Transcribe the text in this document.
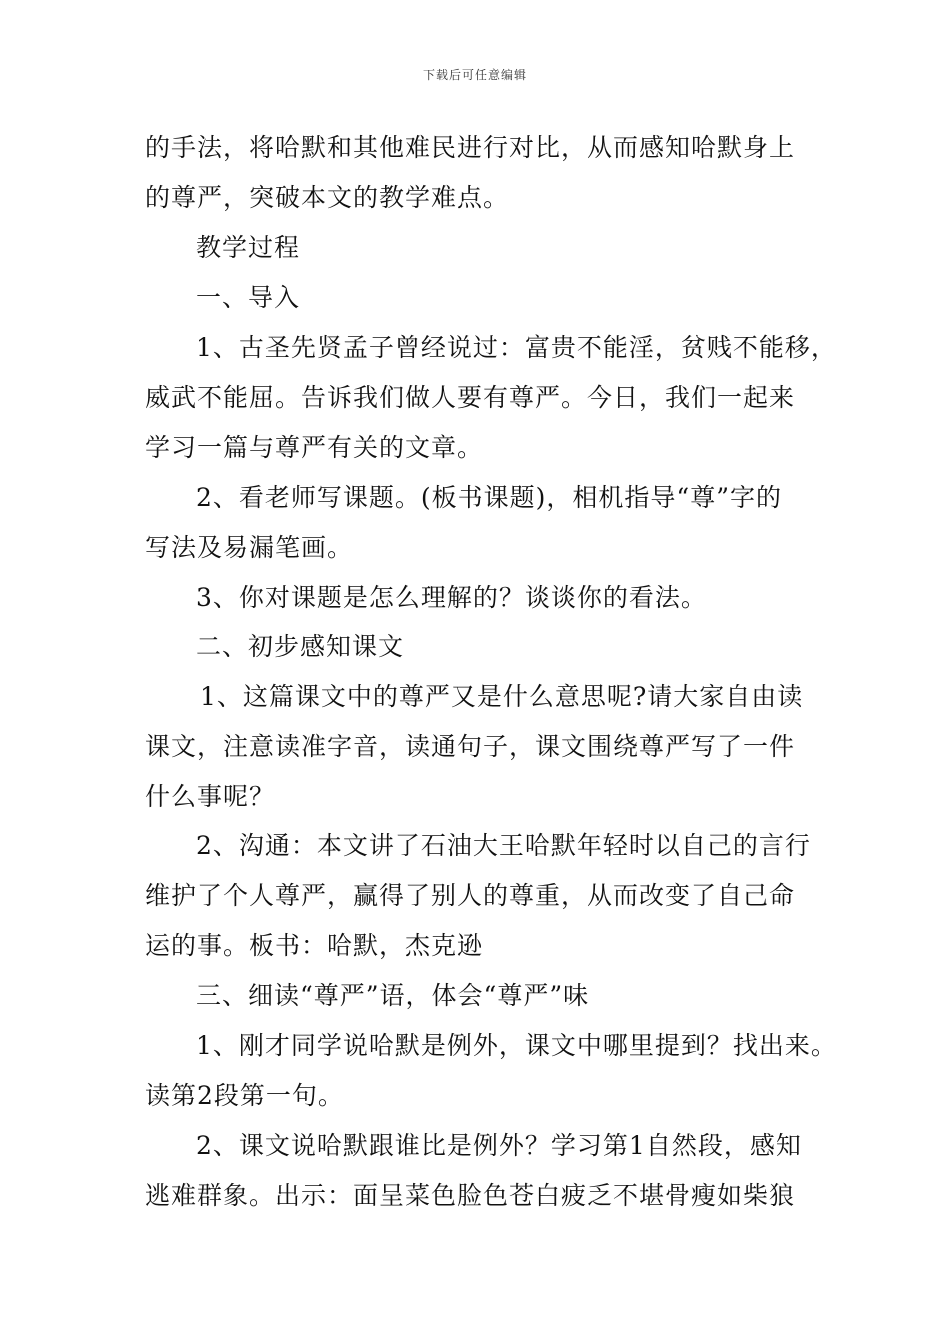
下载后可任意编辑
的手法，将哈默和其他难民进行对比，从而感知哈默身上
的尊严，突破本文的教学难点。
教学过程
一、导入
1、古圣先贤孟子曾经说过：富贵不能淫，贫贱不能移，
威武不能屈。告诉我们做人要有尊严。今日，我们一起来
学习一篇与尊严有关的文章。
2、看老师写课题。(板书课题)，相机指导“尊”字的
写法及易漏笔画。
3、你对课题是怎么理解的？谈谈你的看法。
二、初步感知课文
1、这篇课文中的尊严又是什么意思呢?请大家自由读
课文，注意读准字音，读通句子，课文围绕尊严写了一件
什么事呢？
2、沟通：本文讲了石油大王哈默年轻时以自己的言行
维护了个人尊严，赢得了别人的尊重，从而改变了自己命
运的事。板书：哈默，杰克逊
三、细读“尊严”语，体会“尊严”味
1、刚才同学说哈默是例外，课文中哪里提到？找出来。
读第2段第一句。
2、课文说哈默跟谁比是例外？学习第1自然段，感知
逃难群象。出示：面呈菜色脸色苍白疲乏不堪骨瘦如柴狼
